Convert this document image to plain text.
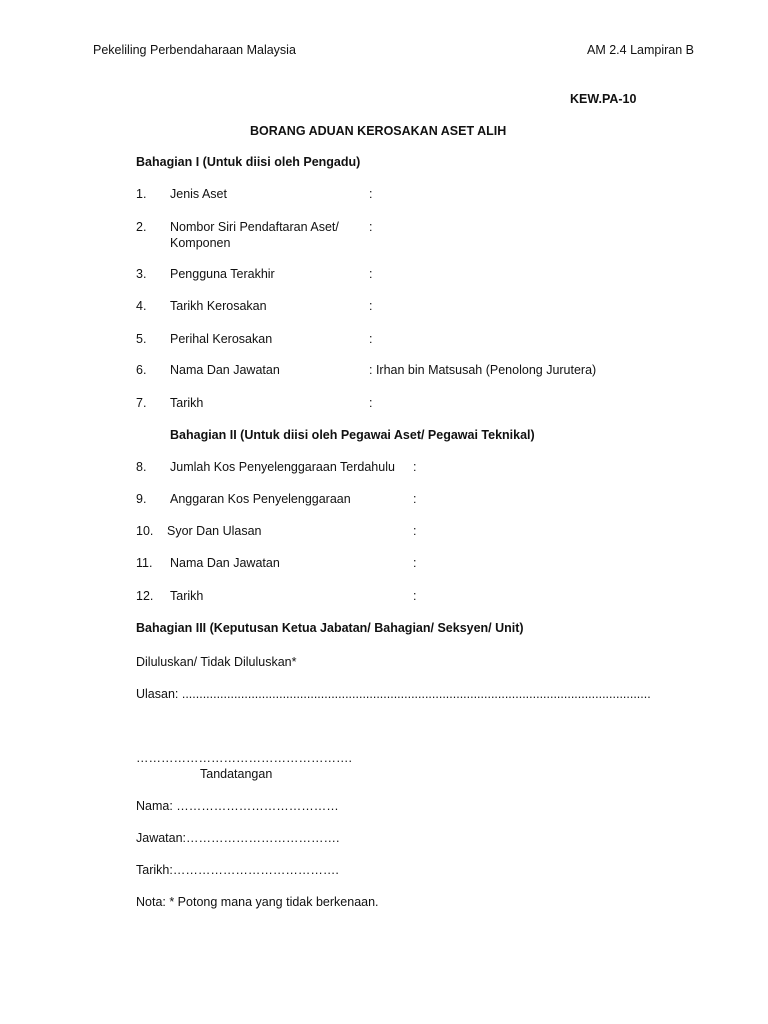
Pekeliling Perbendaharaan Malaysia	AM 2.4 Lampiran B
KEW.PA-10
BORANG ADUAN KEROSAKAN ASET ALIH
Bahagian I (Untuk diisi oleh Pengadu)
1. Jenis Aset	:
2. Nombor Siri Pendaftaran Aset/
Komponen
:
3. Pengguna Terakhir	:
4. Tarikh Kerosakan	:
5. Perihal Kerosakan	:
6. Nama Dan Jawatan	: Irhan bin Matsusah (Penolong Jurutera)
7. Tarikh	:
Bahagian II (Untuk diisi oleh Pegawai Aset/ Pegawai Teknikal)
8. Jumlah Kos Penyelenggaraan Terdahulu :
9. Anggaran Kos Penyelenggaraan	:
10. Syor Dan Ulasan	:
11. Nama Dan Jawatan	:
12. Tarikh	:
Bahagian III (Keputusan Ketua Jabatan/ Bahagian/ Seksyen/ Unit)
Diluluskan/ Tidak Diluluskan*
Ulasan: .......................................................................................................................................
…………………………………………….
Tandatangan
Nama: …………………………………
Jawatan:……………………………….
Tarikh:………………………………….
Nota: * Potong mana yang tidak berkenaan.
